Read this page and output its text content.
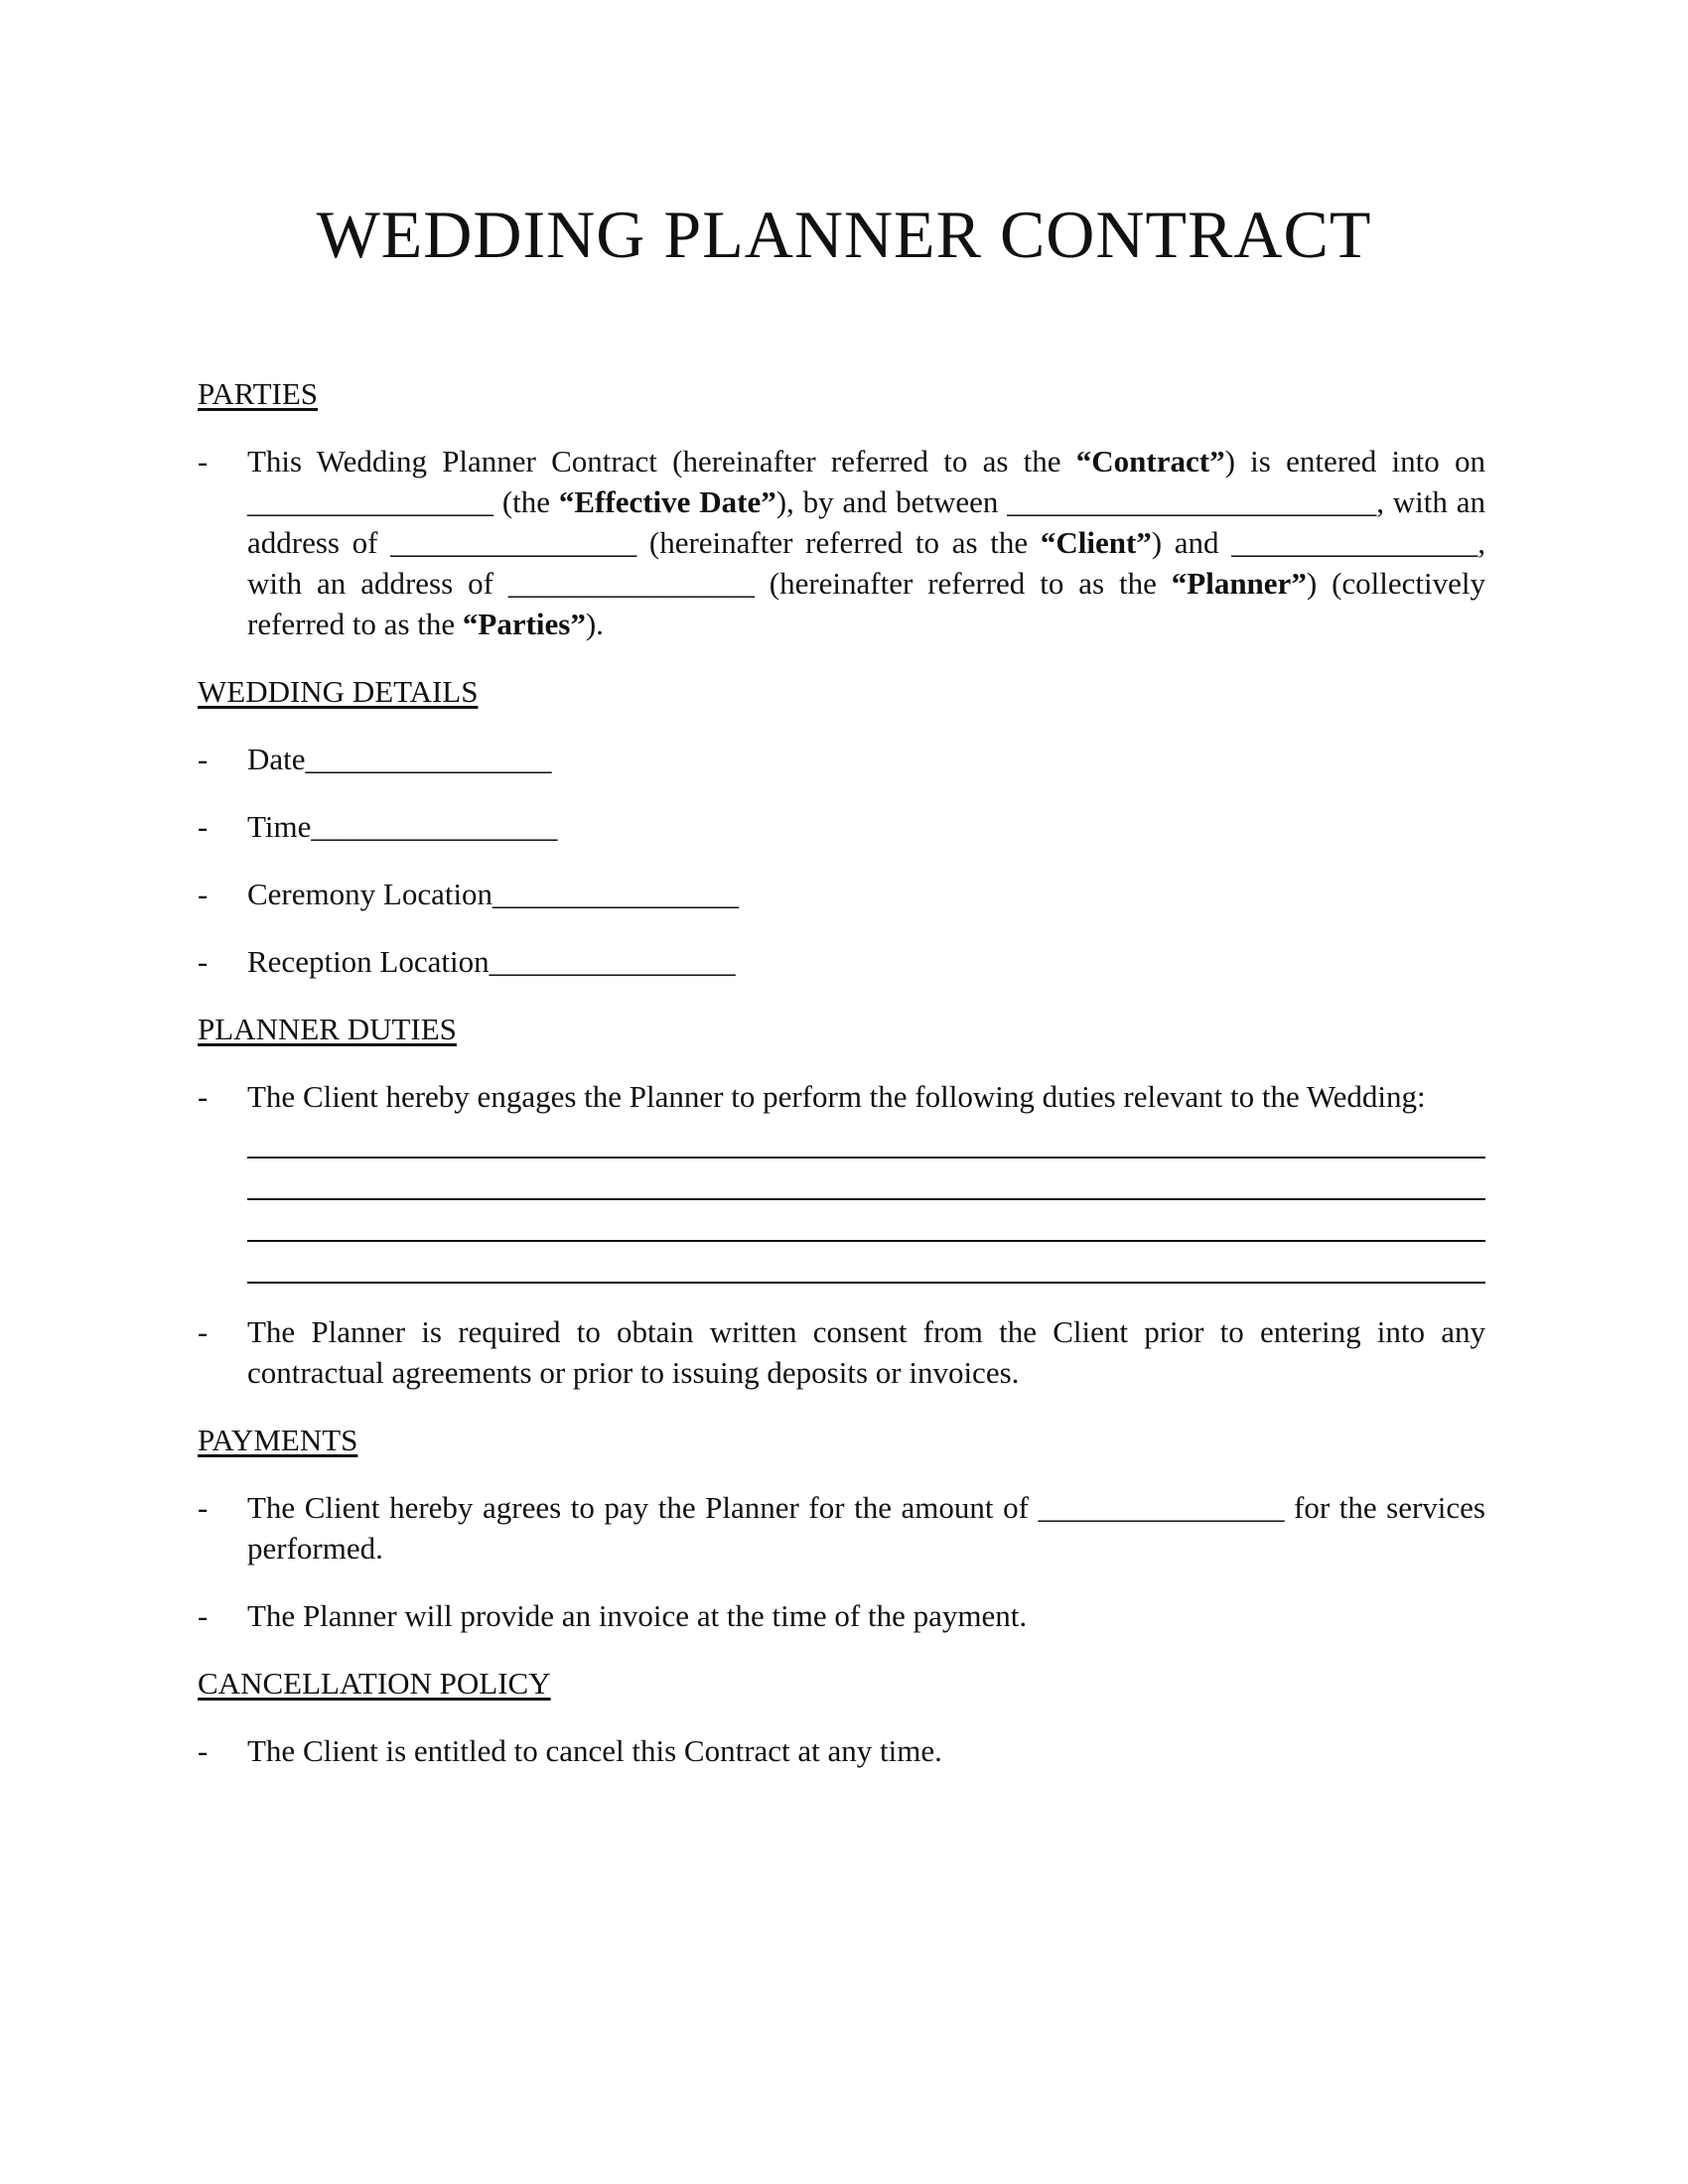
WEDDING PLANNER CONTRACT
PARTIES
- This Wedding Planner Contract (hereinafter referred to as the “Contract”) is entered into on ________________ (the “Effective Date”), by and between ________________________, with an address of ________________ (hereinafter referred to as the “Client”) and ________________, with an address of ________________ (hereinafter referred to as the “Planner”) (collectively referred to as the “Parties”).
WEDDING DETAILS
- Date________________
- Time________________
- Ceremony Location________________
- Reception Location________________
PLANNER DUTIES
- The Client hereby engages the Planner to perform the following duties relevant to the Wedding:
- The Planner is required to obtain written consent from the Client prior to entering into any contractual agreements or prior to issuing deposits or invoices.
PAYMENTS
- The Client hereby agrees to pay the Planner for the amount of ________________ for the services performed.
- The Planner will provide an invoice at the time of the payment.
CANCELLATION POLICY
- The Client is entitled to cancel this Contract at any time.
